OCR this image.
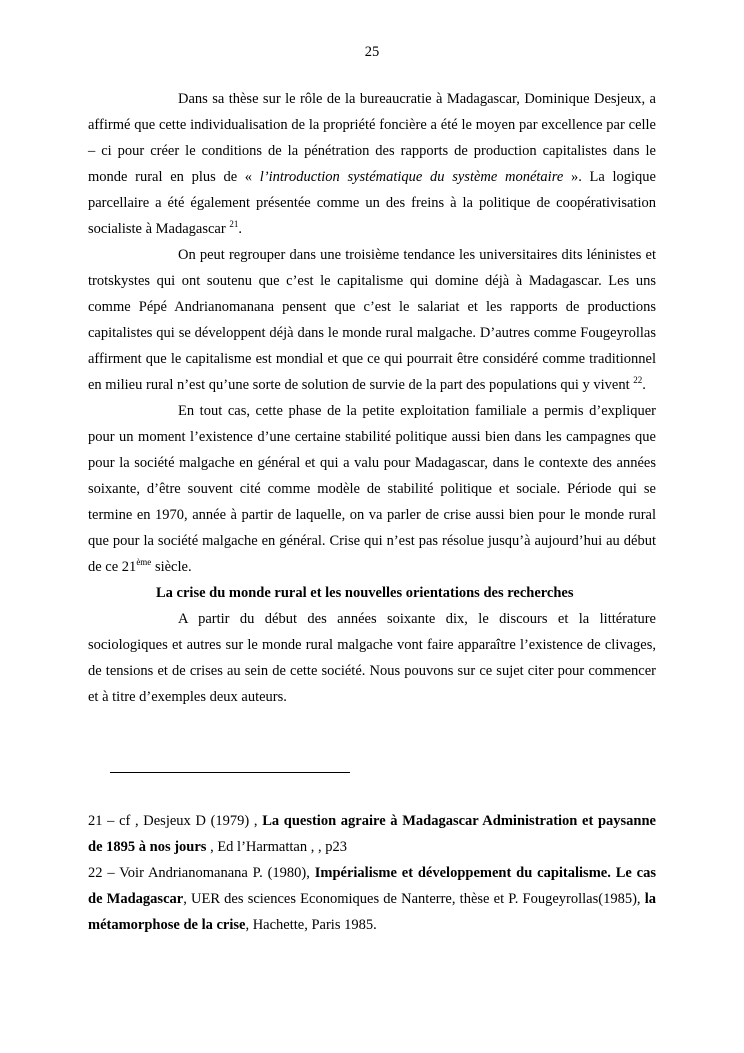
25

Dans sa thèse sur le rôle de la bureaucratie à Madagascar, Dominique Desjeux, a affirmé que cette individualisation de la propriété foncière a été le moyen par excellence par celle – ci pour créer le conditions de la pénétration des rapports de production capitalistes dans le monde rural en plus de « l’introduction systématique du système monétaire ». La logique parcellaire a été également présentée comme un des freins à la politique de coopérativisation socialiste à Madagascar $^{21}$.

On peut regrouper dans une troisième tendance les universitaires dits léninistes et trotskystes qui ont soutenu que c’est le capitalisme qui domine déjà à Madagascar. Les uns comme Pépé Andrianomanana pensent que c’est le salariat et les rapports de productions capitalistes qui se développent déjà dans le monde rural malgache. D’autres comme Fougeyrollas affirment que le capitalisme est mondial et que ce qui pourrait être considéré comme traditionnel en milieu rural n’est qu’une sorte de solution de survie de la part des populations qui y vivent $^{22}$.

En tout cas, cette phase de la petite exploitation familiale a permis d’expliquer pour un moment l’existence d’une certaine stabilité politique aussi bien dans les campagnes que pour la société malgache en général et qui a valu pour Madagascar, dans le contexte des années soixante, d’être souvent cité comme modèle de stabilité politique et sociale. Période qui se termine en 1970, année à partir de laquelle, on va parler de crise aussi bien pour le monde rural que pour la société malgache en général. Crise qui n’est pas résolue jusqu’à aujourd’hui au début de ce 21ème siècle.

La crise du monde rural et les nouvelles orientations des recherches

A partir du début des années soixante dix, le discours et la littérature sociologiques et autres sur le monde rural malgache vont faire apparaître l’existence de clivages, de tensions et de crises au sein de cette société. Nous pouvons sur ce sujet citer pour commencer et à titre d’exemples deux auteurs.

21 – cf , Desjeux D (1979) , La question agraire à Madagascar Administration et paysanne de 1895 à nos jours , Ed l’Harmattan , , p23

22 – Voir Andrianomanana P. (1980), Impérialisme et développement du capitalisme. Le cas de Madagascar, UER des sciences Economiques de Nanterre, thèse et P. Fougeyrollas(1985), la métamorphose de la crise, Hachette, Paris 1985.
